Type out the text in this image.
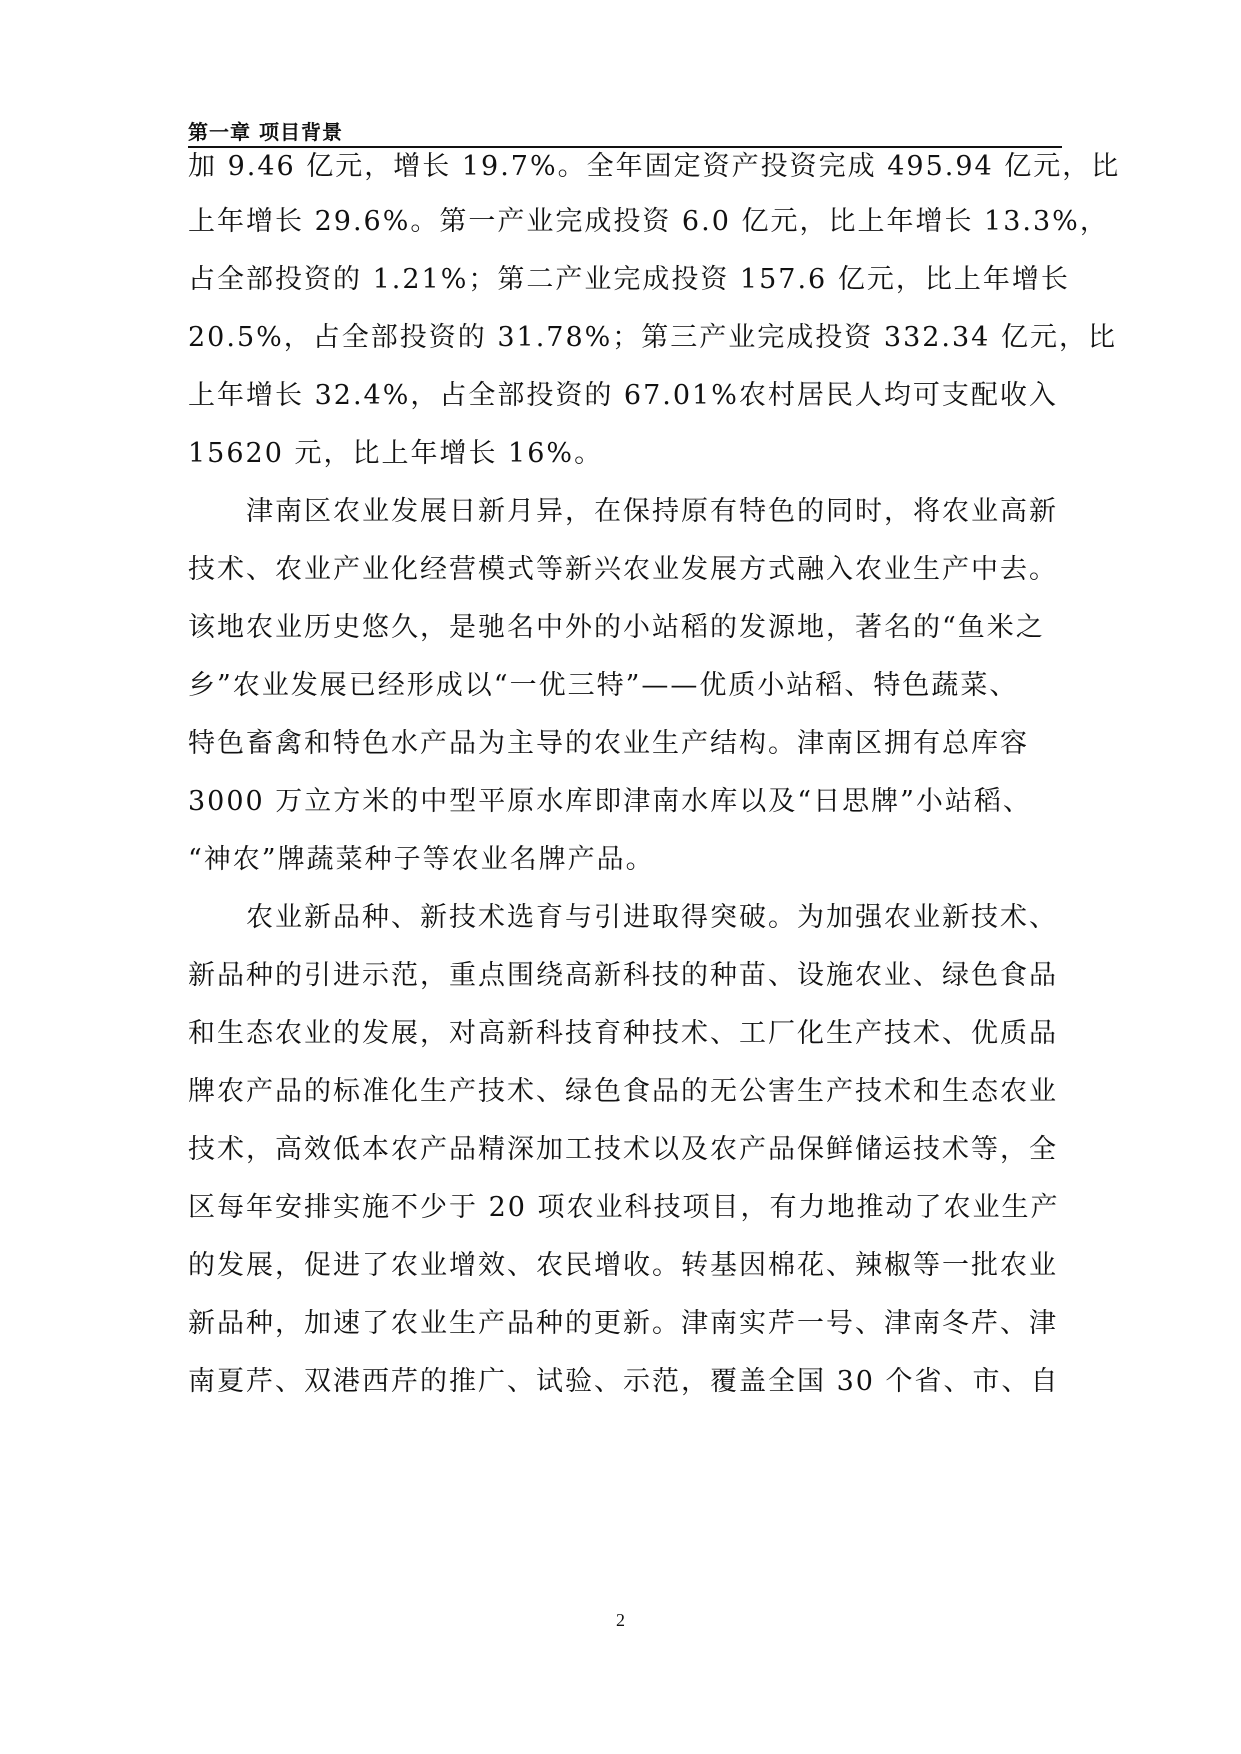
第一章 项目背景
加 9.46 亿元，增长 19.7%。全年固定资产投资完成 495.94 亿元，比
上年增长 29.6%。第一产业完成投资 6.0 亿元，比上年增长 13.3%，
占全部投资的 1.21%；第二产业完成投资 157.6 亿元，比上年增长
20.5%，占全部投资的 31.78%；第三产业完成投资 332.34 亿元，比
上年增长 32.4%，占全部投资的 67.01%农村居民人均可支配收入
15620 元，比上年增长 16%。
　　津南区农业发展日新月异，在保持原有特色的同时，将农业高新
技术、农业产业化经营模式等新兴农业发展方式融入农业生产中去。
该地农业历史悠久，是驰名中外的小站稻的发源地，著名的“鱼米之
乡”农业发展已经形成以“一优三特”——优质小站稻、特色蔬菜、
特色畜禽和特色水产品为主导的农业生产结构。津南区拥有总库容
3000 万立方米的中型平原水库即津南水库以及“日思牌”小站稻、
“神农”牌蔬菜种子等农业名牌产品。
　　农业新品种、新技术选育与引进取得突破。为加强农业新技术、
新品种的引进示范，重点围绕高新科技的种苗、设施农业、绿色食品
和生态农业的发展，对高新科技育种技术、工厂化生产技术、优质品
牌农产品的标准化生产技术、绿色食品的无公害生产技术和生态农业
技术，高效低本农产品精深加工技术以及农产品保鲜储运技术等，全
区每年安排实施不少于 20 项农业科技项目，有力地推动了农业生产
的发展，促进了农业增效、农民增收。转基因棉花、辣椒等一批农业
新品种，加速了农业生产品种的更新。津南实芹一号、津南冬芹、津
南夏芹、双港西芹的推广、试验、示范，覆盖全国 30 个省、市、自
2
